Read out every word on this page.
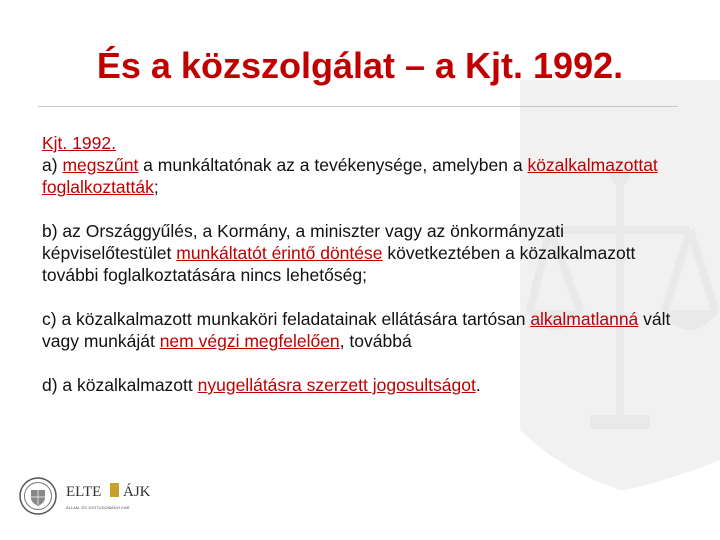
És a közszolgálat – a Kjt. 1992.

Kjt. 1992.

a) megszűnt a munkáltatónak az a tevékenysége, amelyben a közalkalmazottat foglalkoztatták;

b) az Országgyűlés, a Kormány, a miniszter vagy az önkormányzati képviselőtestület munkáltatót érintő döntése következtében a közalkalmazott további foglalkoztatására nincs lehetőség;

c) a közalkalmazott munkaköri feladatainak ellátására tartósan alkalmatlanná vált vagy munkáját nem végzi megfelelően, továbbá

d) a közalkalmazott nyugellátásra szerzett jogosultságot.

ELTE ÁJK
ÁLLAM- ÉS JOGTUDOMÁNYI KAR
